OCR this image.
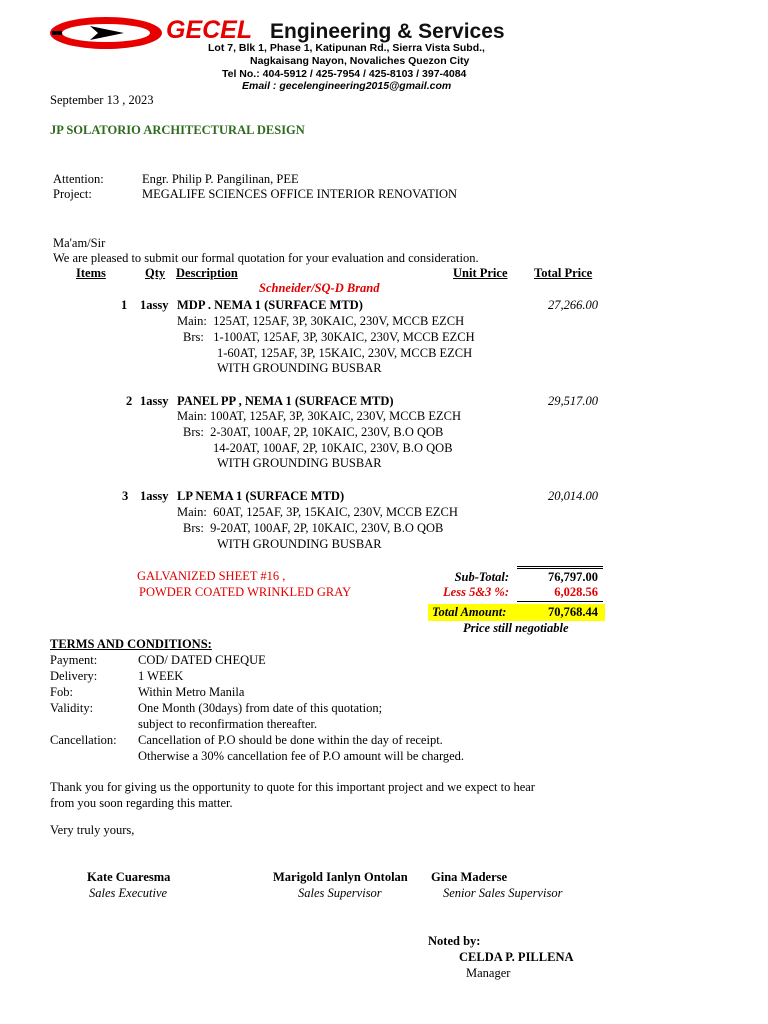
GECEL Engineering & Services
Lot 7, Blk 1, Phase 1, Katipunan Rd., Sierra Vista Subd.,
Nagkaisang Nayon, Novaliches Quezon City
Tel No.: 404-5912 / 425-7954 / 425-8103 / 397-4084
Email : gecelengineering2015@gmail.com
September 13 , 2023
JP SOLATORIO ARCHITECTURAL DESIGN
Attention:	Engr. Philip P. Pangilinan, PEE
Project:	MEGALIFE SCIENCES OFFICE INTERIOR RENOVATION
Ma'am/Sir
We are pleased to submit our formal quotation for your evaluation and consideration.
Items	Qty Description	Unit Price Total Price
Schneider/SQ-D Brand
1 1assy MDP . NEMA 1 (SURFACE MTD)	27,266.00
Main:  125AT, 125AF, 3P, 30KAIC, 230V, MCCB EZCH
Brs:   1-100AT, 125AF, 3P, 30KAIC, 230V, MCCB EZCH
1-60AT, 125AF, 3P, 15KAIC, 230V, MCCB EZCH
WITH GROUNDING BUSBAR
2 1assy PANEL PP , NEMA 1 (SURFACE MTD)	29,517.00
Main: 100AT, 125AF, 3P, 30KAIC, 230V, MCCB EZCH
Brs:  2-30AT, 100AF, 2P, 10KAIC, 230V, B.O QOB
14-20AT, 100AF, 2P, 10KAIC, 230V, B.O QOB
WITH GROUNDING BUSBAR
3 1assy LP NEMA 1 (SURFACE MTD)	20,014.00
Main:  60AT, 125AF, 3P, 15KAIC, 230V, MCCB EZCH
Brs:  9-20AT, 100AF, 2P, 10KAIC, 230V, B.O QOB
WITH GROUNDING BUSBAR
GALVANIZED SHEET #16 ,
POWDER COATED WRINKLED GRAY
Sub-Total:	76,797.00
Less 5&3 %:	6,028.56
Total Amount:	70,768.44
Price still negotiable
TERMS AND CONDITIONS:
Payment:	COD/ DATED CHEQUE
Delivery:	1 WEEK
Fob:	Within Metro Manila
Validity:	One Month (30days) from date of this quotation;
subject to reconfirmation thereafter.
Cancellation: Cancellation of P.O should be done within the day of receipt.
Otherwise a 30% cancellation fee of P.O amount will be charged.
Thank you for giving us the opportunity to quote for this important project and we expect to hear
from you soon regarding this matter.
Very truly yours,
Kate Cuaresma
Sales Executive
Marigold Ianlyn Ontolan
Sales Supervisor
Gina Maderse
Senior Sales Supervisor
Noted by:
CELDA P. PILLENA
Manager
